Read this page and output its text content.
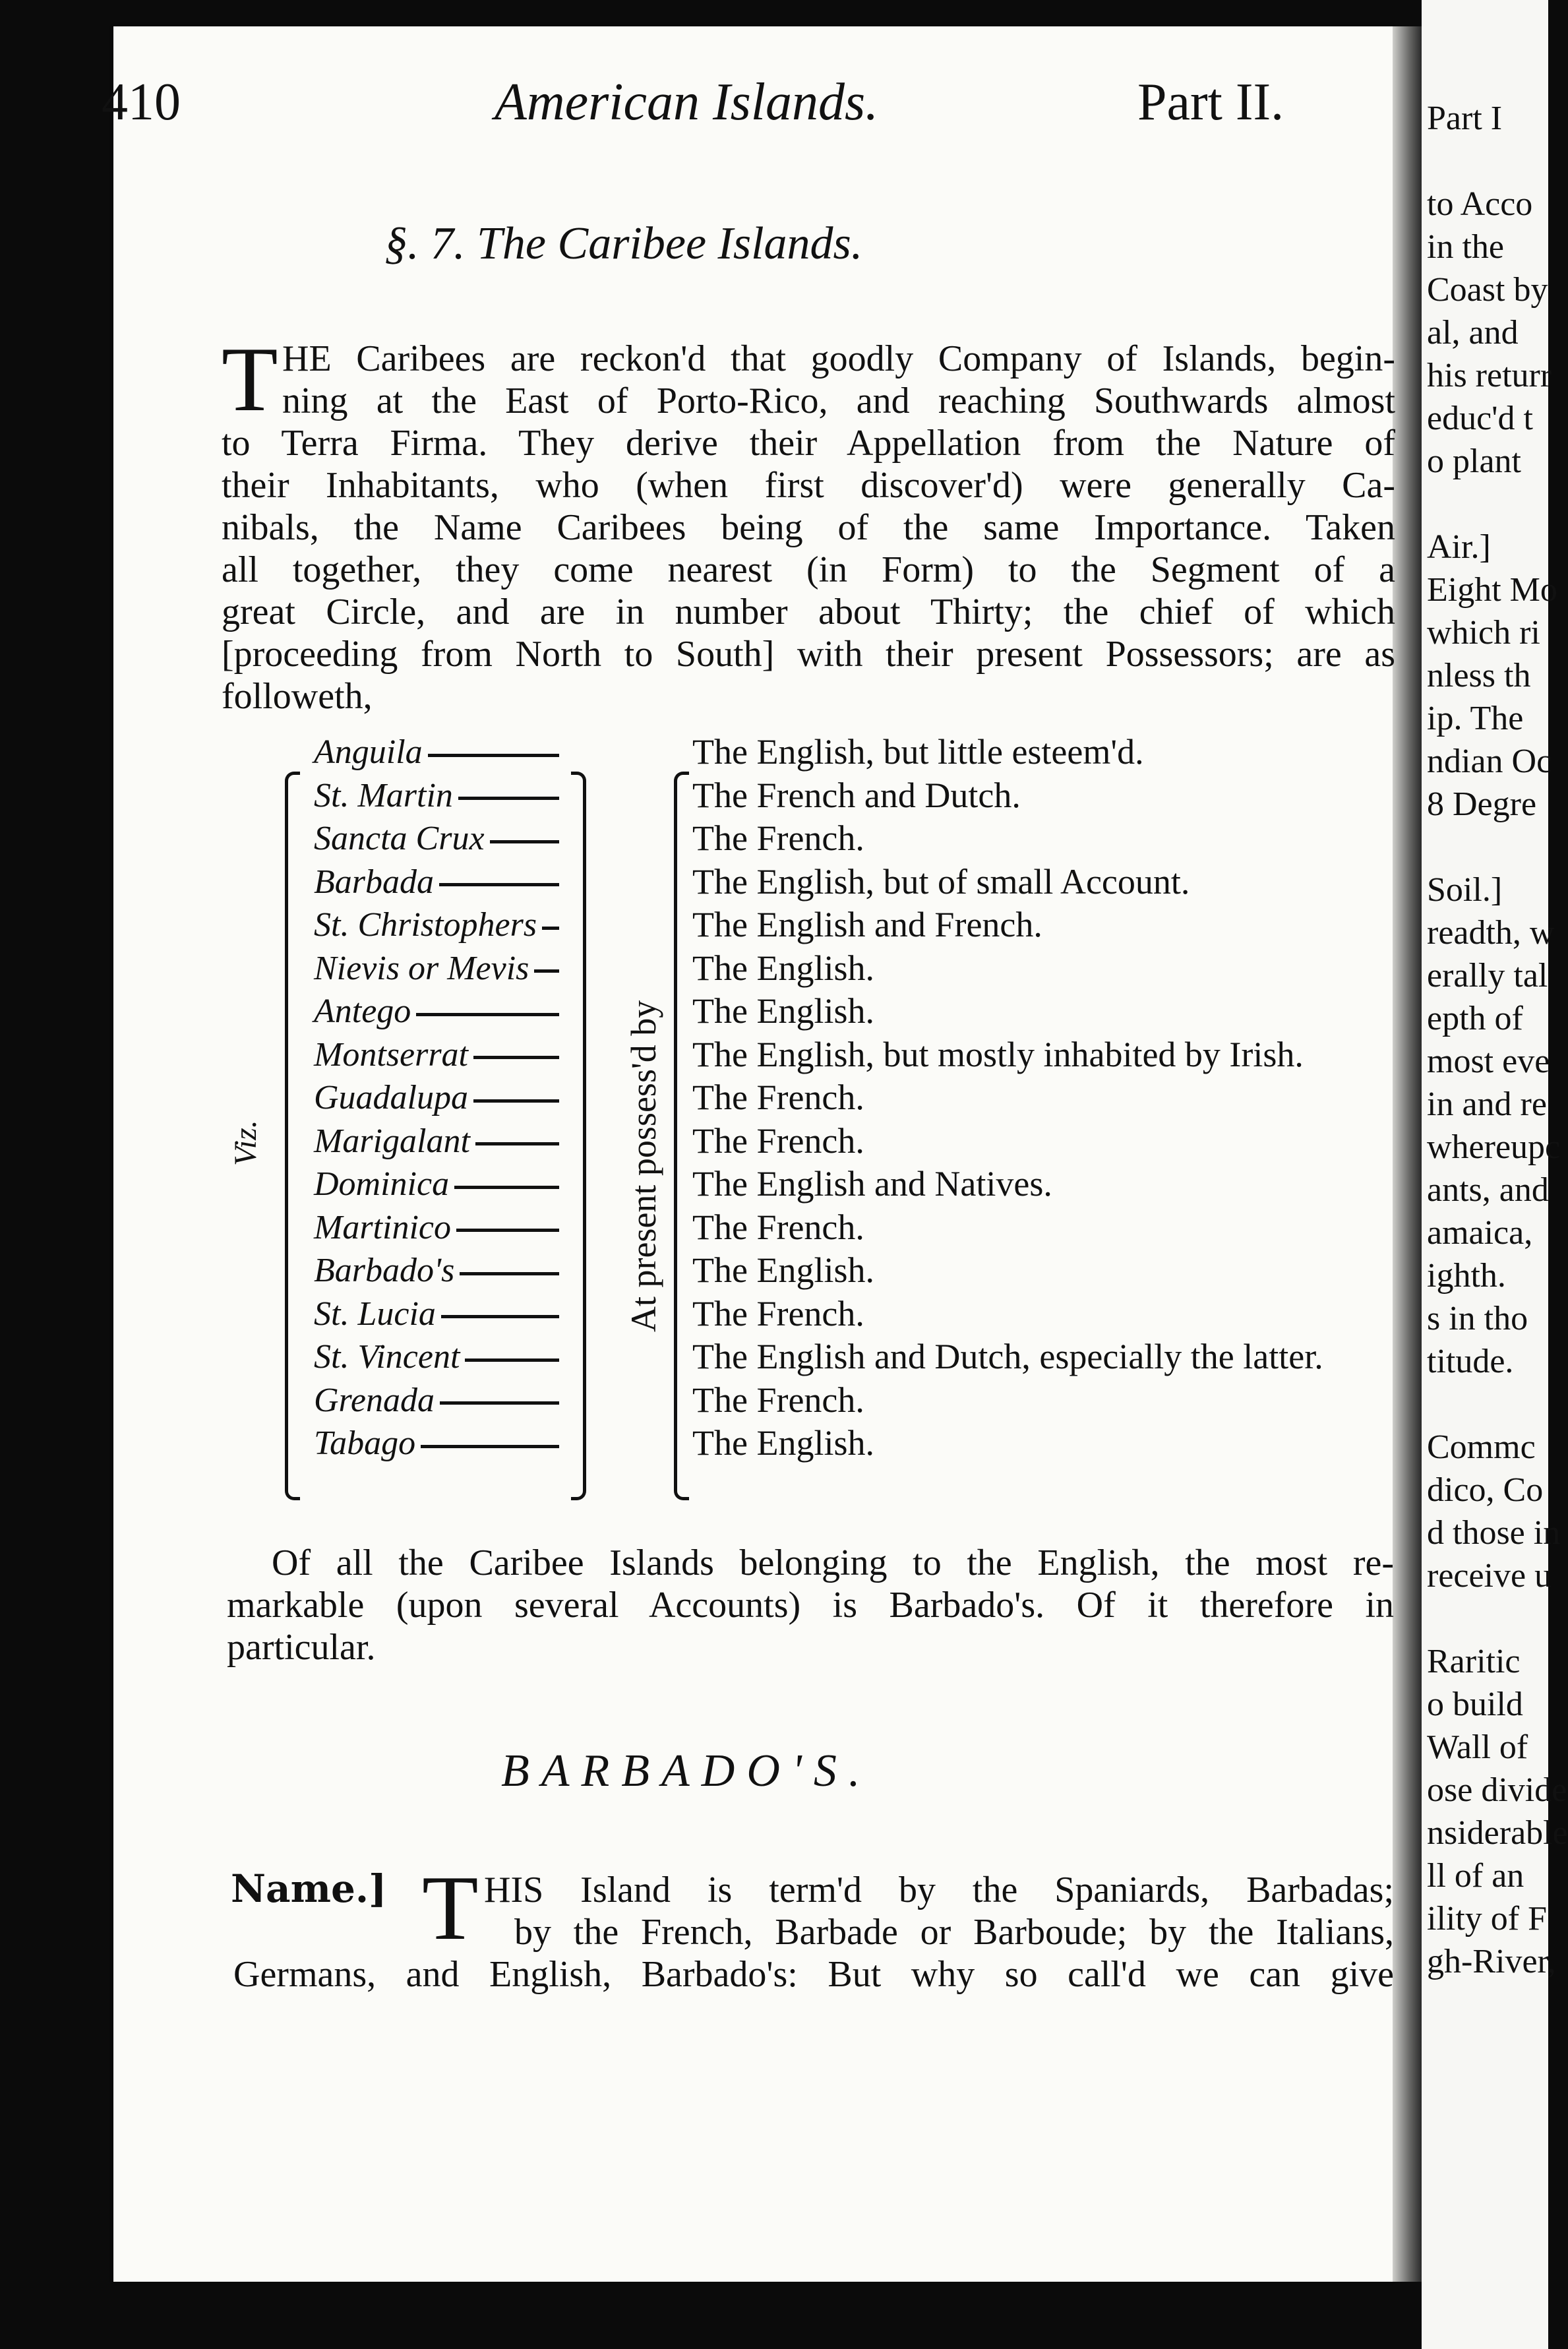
410	American Islands.	Part II.
§. 7. The Caribee Islands.
T HE Caribees are reckon'd that goodly Company of Islands, begin-
ning at the East of Porto-Rico, and reaching Southwards almost
to Terra Firma. They derive their Appellation from the Nature of
their Inhabitants, who (when first discover'd) were generally Ca-
nibals, the Name Caribees being of the same Importance. Taken
all together, they come nearest (in Form) to the Segment of a
great Circle, and are in number about Thirty; the chief of which
[proceeding from North to South] with their present Possessors; are as
followeth,
Viz.
Anguila
St. Martin
Sancta Crux
Barbada
St. Christophers
Nievis or Mevis
Antego
Montserrat
Guadalupa
Marigalant
Dominica
Martinico
Barbado's
St. Lucia
St. Vincent
Grenada
Tabago
At present possess'd by
The English, but little esteem'd.
The French and Dutch.
The French.
The English, but of small Account.
The English and French.
The English.
The English.
The English, but mostly inhabited by Irish.
The French.
The French.
The English and Natives.
The French.
The English.
The French.
The English and Dutch, especially the latter.
The French.
The English.
Of all the Caribee Islands belonging to the English, the most re-
markable (upon several Accounts) is Barbado's. Of it therefore in
particular.
BARBADO'S.
Name.] T HIS Island is term'd by the Spaniards, Barbadas;
by the French, Barbade or Barboude; by the Italians,
Germans, and English, Barbado's: But why so call'd we can give
Part I
to Acco
in the
Coast by
al, and
his returr
educ'd t
o plant
Air.]
Eight Mo
which ri
nless th
ip. The
ndian Oc
8 Degre
Soil.]
readth, w
erally tal
epth of
most eve
in and re
whereupc
ants, and
amaica,
ighth.
s in tho
titude.
Commc
dico, Co
d those in
receive u
Raritic
o build
Wall of
ose divide
nsiderable
ll of an
ility of F
gh-River,
